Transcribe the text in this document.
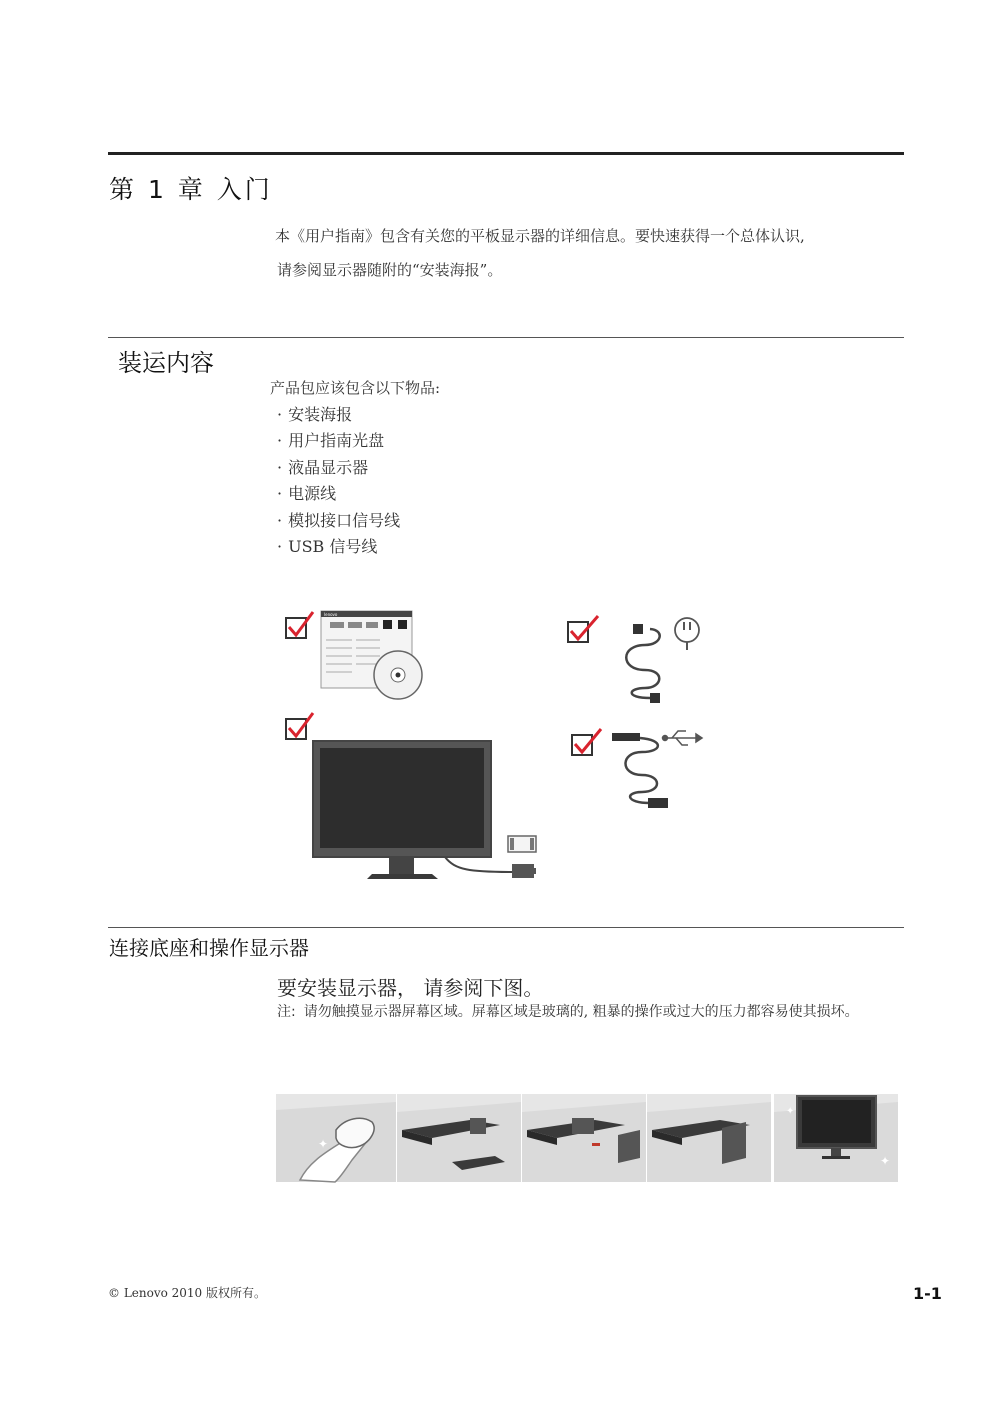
第 1 章 入门
本《用户指南》包含有关您的平板显示器的详细信息。要快速获得一个总体认识,
请参阅显示器随附的“安装海报”。
装运内容
产品包应该包含以下物品:
· 安装海报
· 用户指南光盘
· 液晶显示器
· 电源线
· 模拟接口信号线
· USB 信号线
lenovo
连接底座和操作显示器
要安装显示器， 请参阅下图。
注: 请勿触摸显示器屏幕区域。屏幕区域是玻璃的, 粗暴的操作或过大的压力都容易使其损坏。
✦
✦
✦
© Lenovo 2010 版权所有。	1-1
